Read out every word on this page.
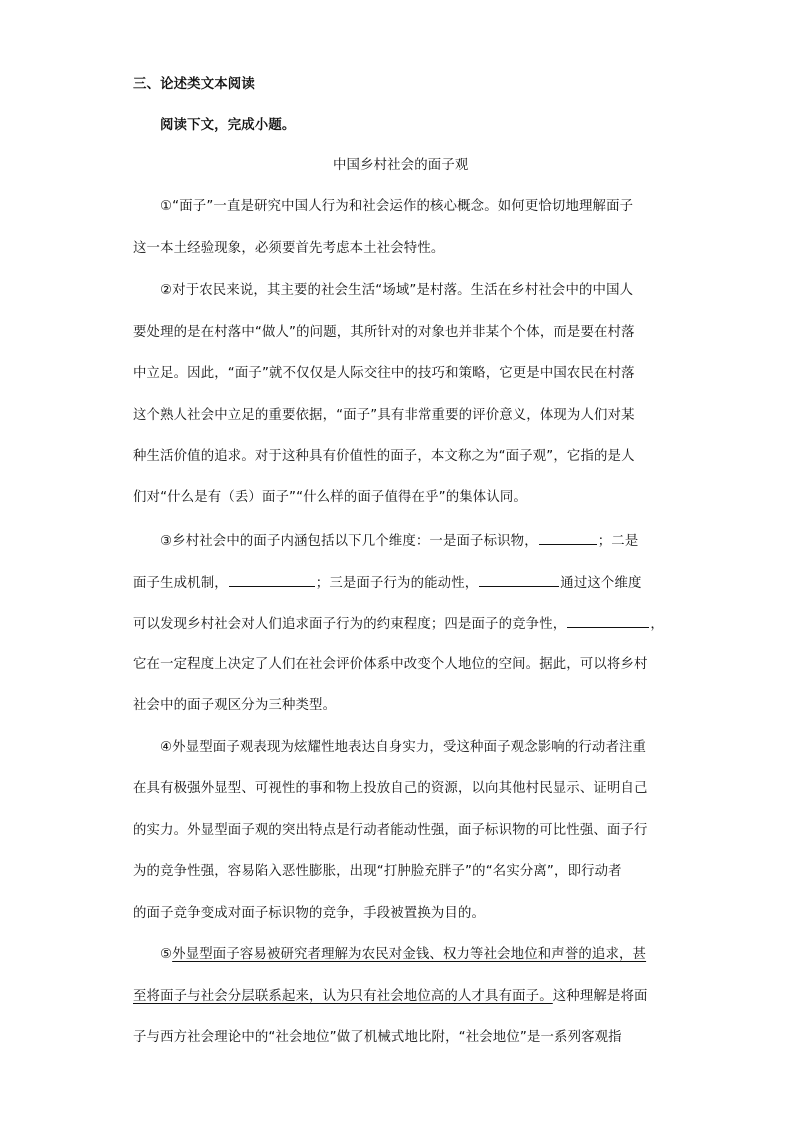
三、论述类文本阅读
阅读下文，完成小题。
中国乡村社会的面子观
①“面子”一直是研究中国人行为和社会运作的核心概念。如何更恰切地理解面子
这一本土经验现象，必须要首先考虑本土社会特性。
②对于农民来说，其主要的社会生活“场域”是村落。生活在乡村社会中的中国人
要处理的是在村落中“做人”的问题，其所针对的对象也并非某个个体，而是要在村落
中立足。因此，“面子”就不仅仅是人际交往中的技巧和策略，它更是中国农民在村落
这个熟人社会中立足的重要依据，“面子”具有非常重要的评价意义，体现为人们对某
种生活价值的追求。对于这种具有价值性的面子，本文称之为“面子观”，它指的是人
们对“什么是有（丢）面子”“什么样的面子值得在乎”的集体认同。
③乡村社会中的面子内涵包括以下几个维度：一是面子标识物，	；二是
面子生成机制，	；三是面子行为的能动性，	通过这个维度
可以发现乡村社会对人们追求面子行为的约束程度；四是面子的竞争性，	，
它在一定程度上决定了人们在社会评价体系中改变个人地位的空间。据此，可以将乡村
社会中的面子观区分为三种类型。
④外显型面子观表现为炫耀性地表达自身实力，受这种面子观念影响的行动者注重
在具有极强外显型、可视性的事和物上投放自己的资源，以向其他村民显示、证明自己
的实力。外显型面子观的突出特点是行动者能动性强，面子标识物的可比性强、面子行
为的竞争性强，容易陷入恶性膨胀，出现“打肿脸充胖子”的“名实分离”，即行动者
的面子竞争变成对面子标识物的竞争，手段被置换为目的。
⑤外显型面子容易被研究者理解为农民对金钱、权力等社会地位和声誉的追求，甚
至将面子与社会分层联系起来，认为只有社会地位高的人才具有面子。这种理解是将面
子与西方社会理论中的“社会地位”做了机械式地比附，“社会地位”是一系列客观指
